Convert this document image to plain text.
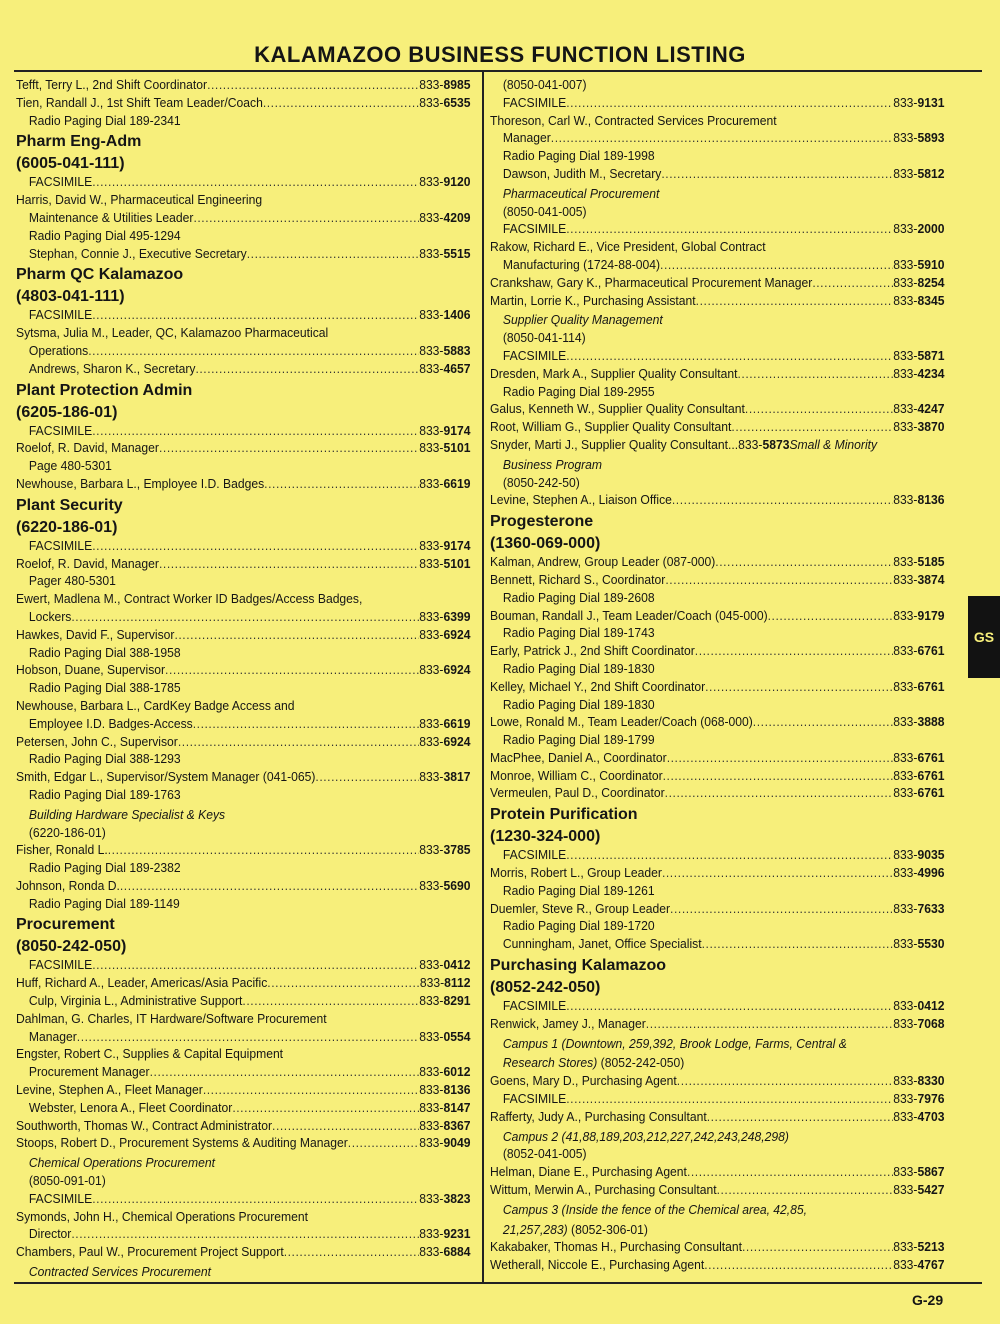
KALAMAZOO BUSINESS FUNCTION LISTING
Tefft, Terry L., 2nd Shift Coordinator .....	833-8985
Tien, Randall J., 1st Shift Team Leader/Coach .....	833-6535
Radio Paging Dial 189-2341
Pharm Eng-Adm
(6005-041-111)
FACSIMILE .....	833-9120
Harris, David W., Pharmaceutical Engineering
Maintenance & Utilities Leader .....	833-4209
Radio Paging Dial 495-1294
Stephan, Connie J., Executive Secretary .....	833-5515
Pharm QC Kalamazoo
(4803-041-111)
FACSIMILE .....	833-1406
Sytsma, Julia M., Leader, QC, Kalamazoo Pharmaceutical
Operations .....	833-5883
Andrews, Sharon K., Secretary .....	833-4657
Plant Protection Admin
(6205-186-01)
FACSIMILE .....	833-9174
Roelof, R. David, Manager .....	833-5101
Page 480-5301
Newhouse, Barbara L., Employee I.D. Badges .....	833-6619
Plant Security
(6220-186-01)
FACSIMILE .....	833-9174
Roelof, R. David, Manager .....	833-5101
Pager 480-5301
Ewert, Madlena M., Contract Worker ID Badges/Access Badges,
Lockers .....	833-6399
Hawkes, David F., Supervisor .....	833-6924
Radio Paging Dial 388-1958
Hobson, Duane, Supervisor .....	833-6924
Radio Paging Dial 388-1785
Newhouse, Barbara L., CardKey Badge Access and
Employee I.D. Badges-Access .....	833-6619
Petersen, John C., Supervisor .....	833-6924
Radio Paging Dial 388-1293
Smith, Edgar L., Supervisor/System Manager (041-065) .....	833-3817
Radio Paging Dial 189-1763
Building Hardware Specialist & Keys
(6220-186-01)
Fisher, Ronald L. .....	833-3785
Radio Paging Dial 189-2382
Johnson, Ronda D. .....	833-5690
Radio Paging Dial 189-1149
Procurement
(8050-242-050)
FACSIMILE .....	833-0412
Huff, Richard A., Leader, Americas/Asia Pacific .....	833-8112
Culp, Virginia L., Administrative Support .....	833-8291
Dahlman, G. Charles, IT Hardware/Software Procurement
Manager .....	833-0554
Engster, Robert C., Supplies & Capital Equipment
Procurement Manager .....	833-6012
Levine, Stephen A., Fleet Manager .....	833-8136
Webster, Lenora A., Fleet Coordinator .....	833-8147
Southworth, Thomas W., Contract Administrator .....	833-8367
Stoops, Robert D., Procurement Systems & Auditing Manager .....	833-9049
Chemical Operations Procurement
(8050-091-01)
FACSIMILE .....	833-3823
Symonds, John H., Chemical Operations Procurement
Director .....	833-9231
Chambers, Paul W., Procurement Project Support .....	833-6884
Contracted Services Procurement
(8050-041-007)
FACSIMILE .....	833-9131
Thoreson, Carl W., Contracted Services Procurement
Manager .....	833-5893
Radio Paging Dial 189-1998
Dawson, Judith M., Secretary .....	833-5812
Pharmaceutical Procurement
(8050-041-005)
FACSIMILE .....	833-2000
Rakow, Richard E., Vice President, Global Contract
Manufacturing (1724-88-004) .....	833-5910
Crankshaw, Gary K., Pharmaceutical Procurement Manager .....	833-8254
Martin, Lorrie K., Purchasing Assistant .....	833-8345
Supplier Quality Management
(8050-041-114)
FACSIMILE .....	833-5871
Dresden, Mark A., Supplier Quality Consultant .....	833-4234
Radio Paging Dial 189-2955
Galus, Kenneth W., Supplier Quality Consultant .....	833-4247
Root, William G., Supplier Quality Consultant .....	833-3870
Snyder, Marti J., Supplier Quality Consultant...833-5873Small & Minority
Business Program
(8050-242-50)
Levine, Stephen A., Liaison Office .....	833-8136
Progesterone
(1360-069-000)
Kalman, Andrew, Group Leader (087-000) .....	833-5185
Bennett, Richard S., Coordinator .....	833-3874
Radio Paging Dial 189-2608
Bouman, Randall J., Team Leader/Coach (045-000) .....	833-9179
Radio Paging Dial 189-1743
Early, Patrick J., 2nd Shift Coordinator .....	833-6761
Radio Paging Dial 189-1830
Kelley, Michael Y., 2nd Shift Coordinator .....	833-6761
Radio Paging Dial 189-1830
Lowe, Ronald M., Team Leader/Coach (068-000) .....	833-3888
Radio Paging Dial 189-1799
MacPhee, Daniel A., Coordinator .....	833-6761
Monroe, William C., Coordinator .....	833-6761
Vermeulen, Paul D., Coordinator .....	833-6761
Protein Purification
(1230-324-000)
FACSIMILE .....	833-9035
Morris, Robert L., Group Leader .....	833-4996
Radio Paging Dial 189-1261
Duemler, Steve R., Group Leader .....	833-7633
Radio Paging Dial 189-1720
Cunningham, Janet, Office Specialist .....	833-5530
Purchasing Kalamazoo
(8052-242-050)
FACSIMILE .....	833-0412
Renwick, Jamey J., Manager .....	833-7068
Campus 1 (Downtown, 259,392, Brook Lodge, Farms, Central &
Research Stores) (8052-242-050)
Goens, Mary D., Purchasing Agent .....	833-8330
FACSIMILE .....	833-7976
Rafferty, Judy A., Purchasing Consultant .....	833-4703
Campus 2 (41,88,189,203,212,227,242,243,248,298)
(8052-041-005)
Helman, Diane E., Purchasing Agent .....	833-5867
Wittum, Merwin A., Purchasing Consultant .....	833-5427
Campus 3 (Inside the fence of the Chemical area, 42,85,
21,257,283) (8052-306-01)
Kakabaker, Thomas H., Purchasing Consultant .....	833-5213
Wetherall, Niccole E., Purchasing Agent .....	833-4767
GS
G-29
